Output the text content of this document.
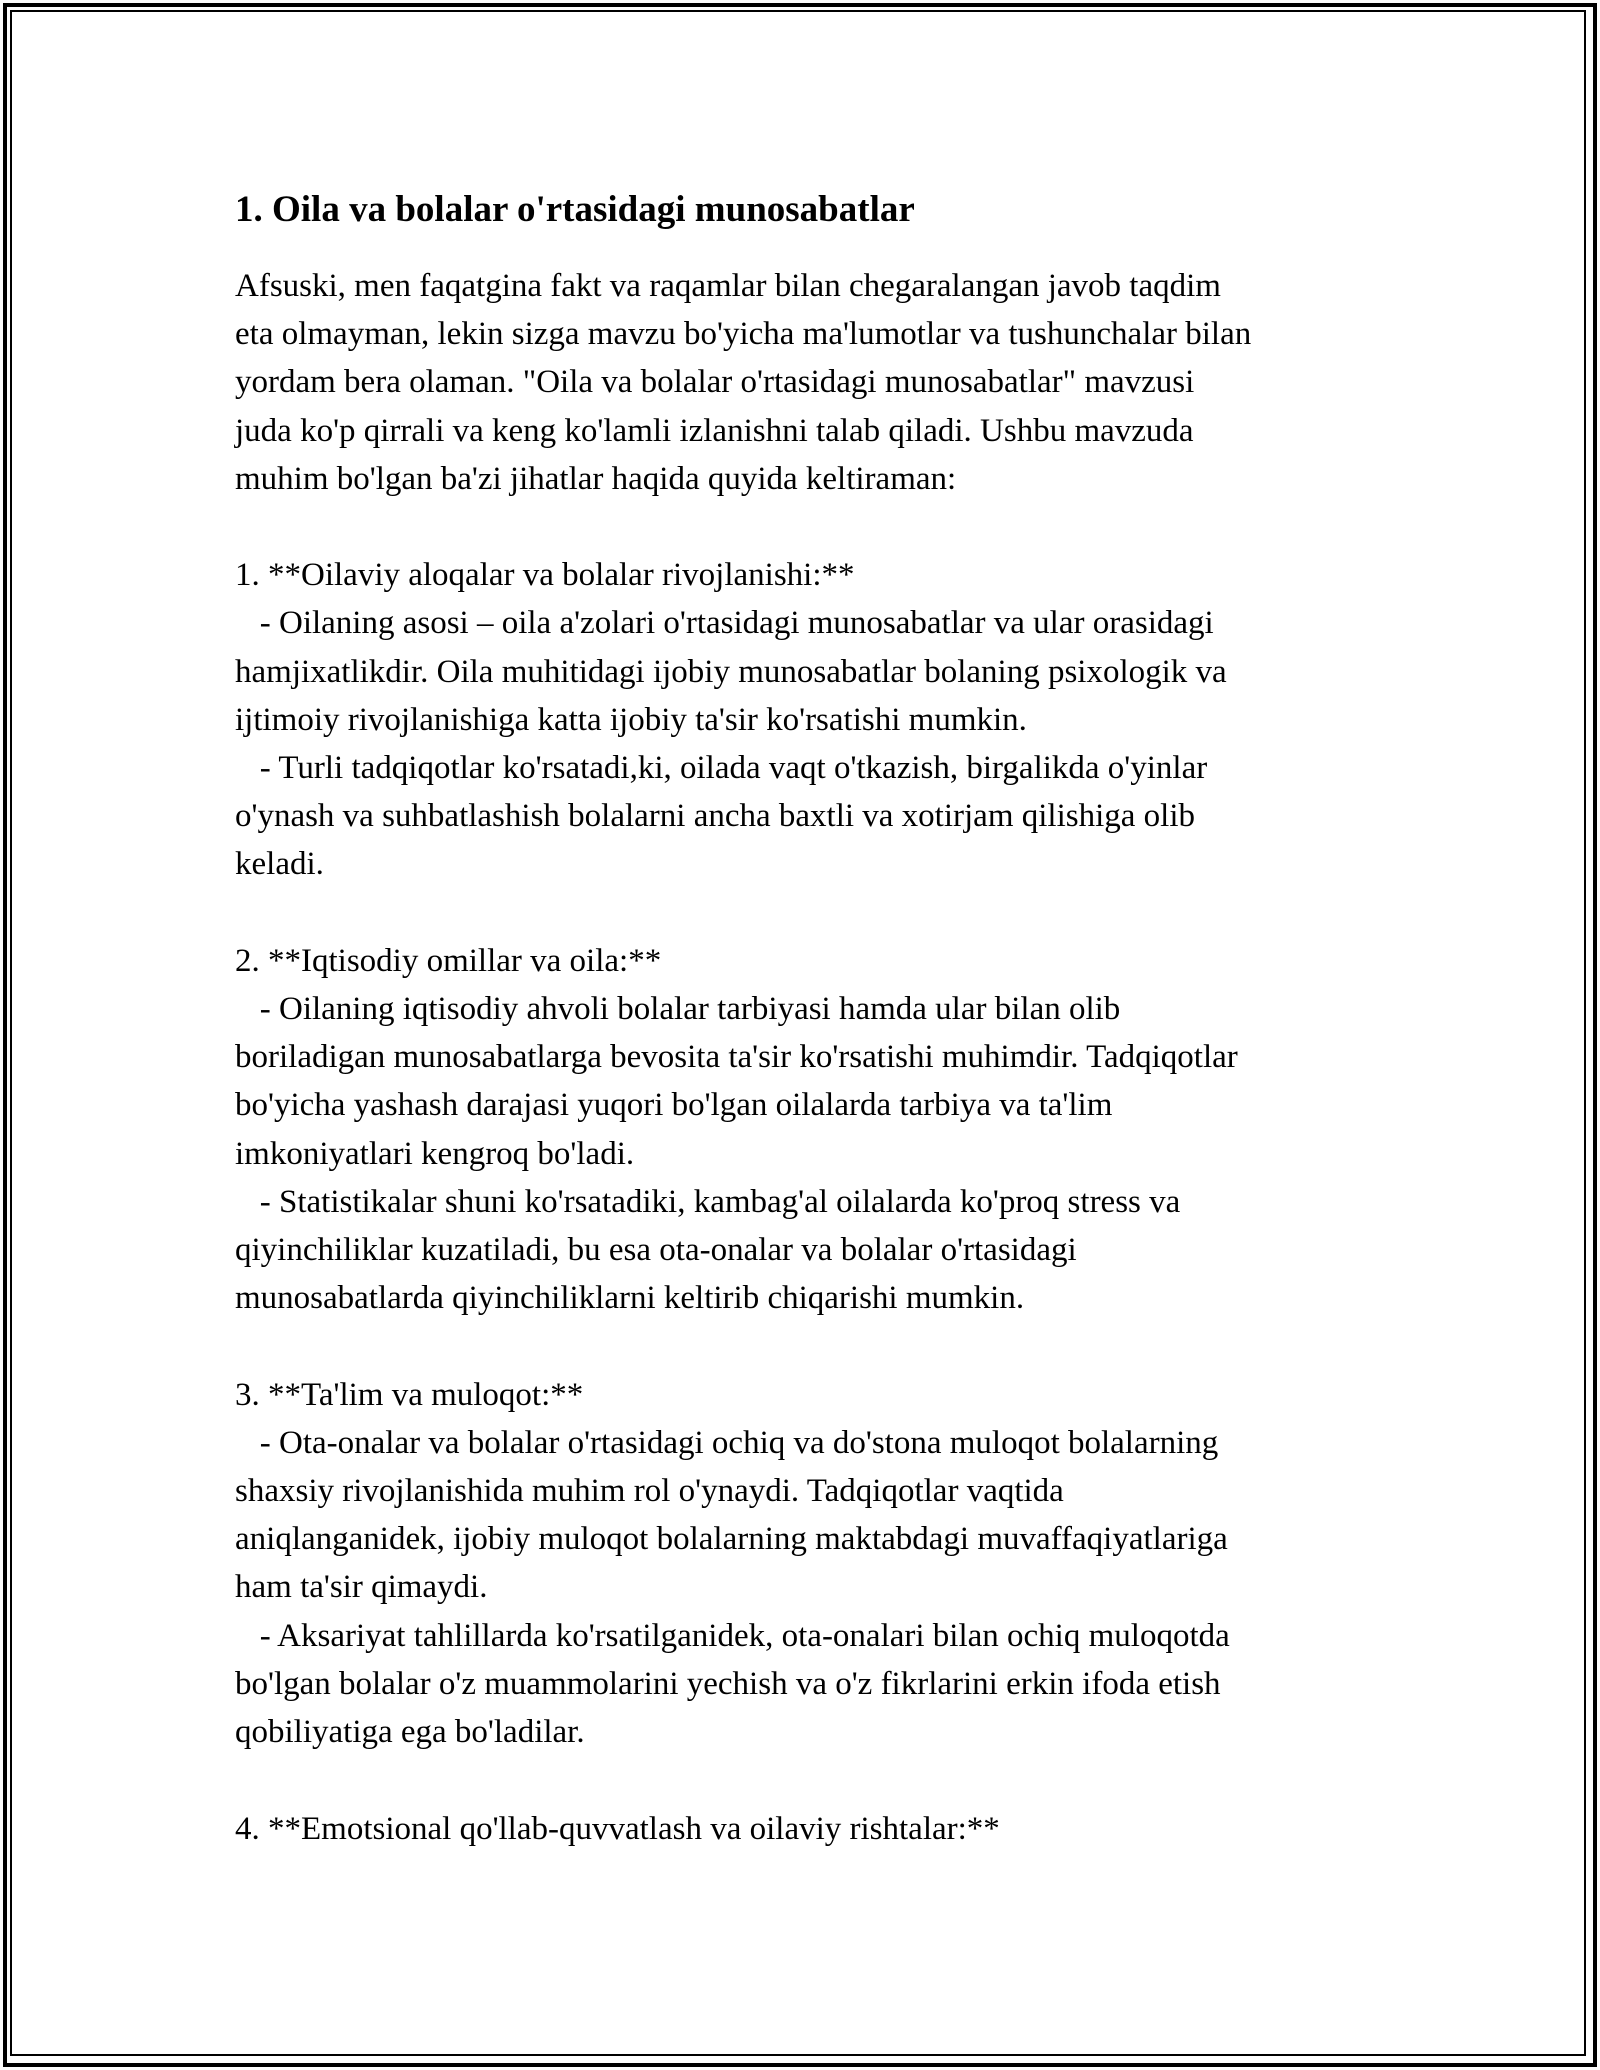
1. Oila va bolalar o'rtasidagi munosabatlar

Afsuski, men faqatgina fakt va raqamlar bilan chegaralangan javob taqdim
eta olmayman, lekin sizga mavzu bo'yicha ma'lumotlar va tushunchalar bilan
yordam bera olaman. "Oila va bolalar o'rtasidagi munosabatlar" mavzusi
juda ko'p qirrali va keng ko'lamli izlanishni talab qiladi. Ushbu mavzuda
muhim bo'lgan ba'zi jihatlar haqida quyida keltiraman:

1. **Oilaviy aloqalar va bolalar rivojlanishi:**
- Oilaning asosi – oila a'zolari o'rtasidagi munosabatlar va ular orasidagi
hamjixatlikdir. Oila muhitidagi ijobiy munosabatlar bolaning psixologik va
ijtimoiy rivojlanishiga katta ijobiy ta'sir ko'rsatishi mumkin.
- Turli tadqiqotlar ko'rsatadi,ki, oilada vaqt o'tkazish, birgalikda o'yinlar
o'ynash va suhbatlashish bolalarni ancha baxtli va xotirjam qilishiga olib
keladi.

2. **Iqtisodiy omillar va oila:**
- Oilaning iqtisodiy ahvoli bolalar tarbiyasi hamda ular bilan olib
boriladigan munosabatlarga bevosita ta'sir ko'rsatishi muhimdir. Tadqiqotlar
bo'yicha yashash darajasi yuqori bo'lgan oilalarda tarbiya va ta'lim
imkoniyatlari kengroq bo'ladi.
- Statistikalar shuni ko'rsatadiki, kambag'al oilalarda ko'proq stress va
qiyinchiliklar kuzatiladi, bu esa ota-onalar va bolalar o'rtasidagi
munosabatlarda qiyinchiliklarni keltirib chiqarishi mumkin.

3. **Ta'lim va muloqot:**
- Ota-onalar va bolalar o'rtasidagi ochiq va do'stona muloqot bolalarning
shaxsiy rivojlanishida muhim rol o'ynaydi. Tadqiqotlar vaqtida
aniqlanganidek, ijobiy muloqot bolalarning maktabdagi muvaffaqiyatlariga
ham ta'sir qimaydi.
- Aksariyat tahlillarda ko'rsatilganidek, ota-onalari bilan ochiq muloqotda
bo'lgan bolalar o'z muammolarini yechish va o'z fikrlarini erkin ifoda etish
qobiliyatiga ega bo'ladilar.

4. **Emotsional qo'llab-quvvatlash va oilaviy rishtalar:**
